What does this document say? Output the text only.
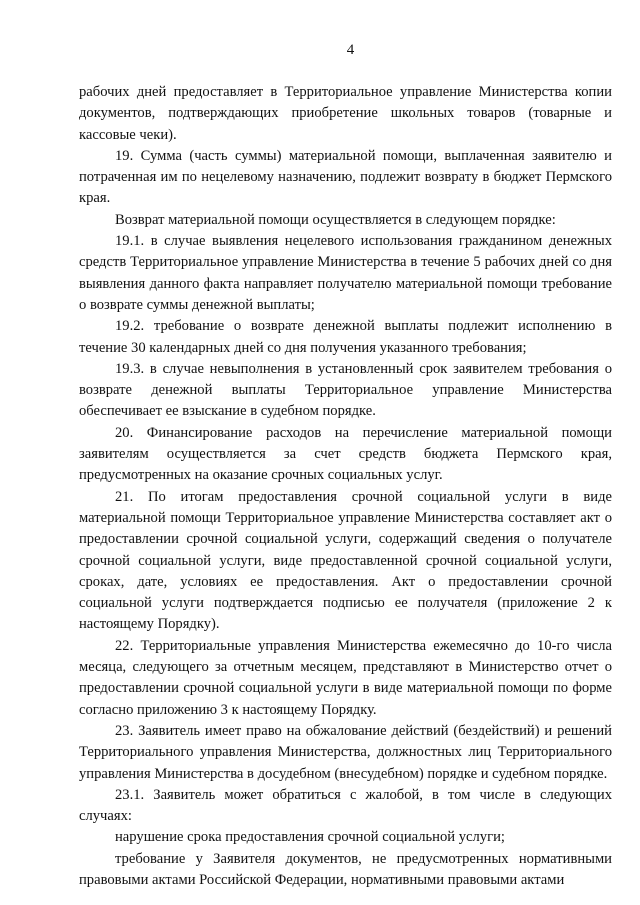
4

рабочих дней предоставляет в Территориальное управление Министерства копии документов, подтверждающих приобретение школьных товаров (товарные и кассовые чеки).

19. Сумма (часть суммы) материальной помощи, выплаченная заявителю и потраченная им по нецелевому назначению, подлежит возврату в бюджет Пермского края.

Возврат материальной помощи осуществляется в следующем порядке:

19.1. в случае выявления нецелевого использования гражданином денежных средств Территориальное управление Министерства в течение 5 рабочих дней со дня выявления данного факта направляет получателю материальной помощи требование о возврате суммы денежной выплаты;

19.2. требование о возврате денежной выплаты подлежит исполнению в течение 30 календарных дней со дня получения указанного требования;

19.3. в случае невыполнения в установленный срок заявителем требования о возврате денежной выплаты Территориальное управление Министерства обеспечивает ее взыскание в судебном порядке.

20. Финансирование расходов на перечисление материальной помощи заявителям осуществляется за счет средств бюджета Пермского края, предусмотренных на оказание срочных социальных услуг.

21. По итогам предоставления срочной социальной услуги в виде материальной помощи Территориальное управление Министерства составляет акт о предоставлении срочной социальной услуги, содержащий сведения о получателе срочной социальной услуги, виде предоставленной срочной социальной услуги, сроках, дате, условиях ее предоставления. Акт о предоставлении срочной социальной услуги подтверждается подписью ее получателя (приложение 2 к настоящему Порядку).

22. Территориальные управления Министерства ежемесячно до 10-го числа месяца, следующего за отчетным месяцем, представляют в Министерство отчет о предоставлении срочной социальной услуги в виде материальной помощи по форме согласно приложению 3 к настоящему Порядку.

23. Заявитель имеет право на обжалование действий (бездействий) и решений Территориального управления Министерства, должностных лиц Территориального управления Министерства в досудебном (внесудебном) порядке и судебном порядке.

23.1. Заявитель может обратиться с жалобой, в том числе в следующих случаях:

нарушение срока предоставления срочной социальной услуги;

требование у Заявителя документов, не предусмотренных нормативными правовыми актами Российской Федерации, нормативными правовыми актами
